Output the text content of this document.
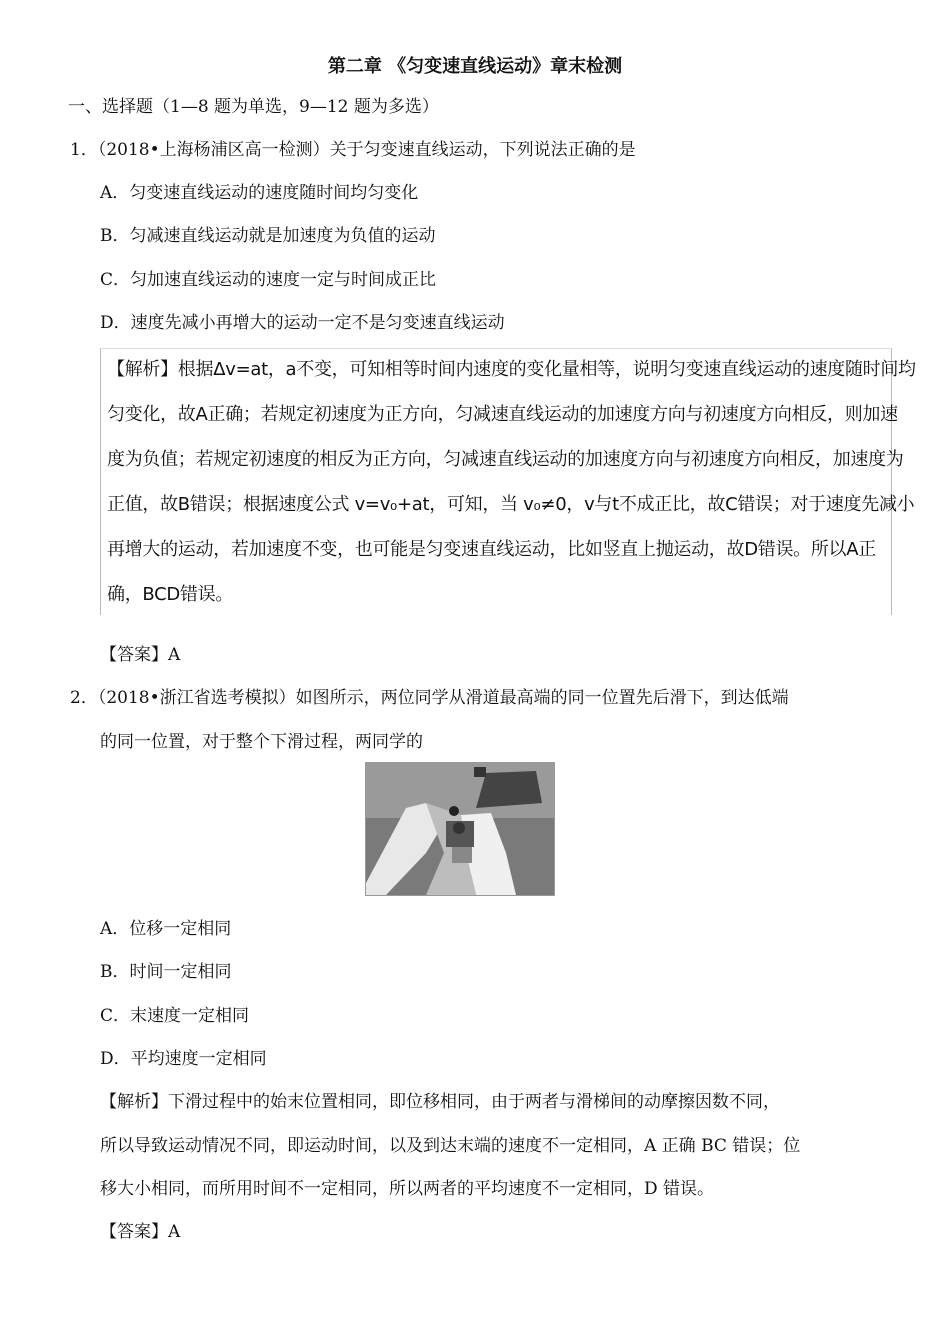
第二章 《匀变速直线运动》章末检测
一、选择题（1—8 题为单选，9—12 题为多选）
1．（2018•上海杨浦区高一检测）关于匀变速直线运动，下列说法正确的是
A．匀变速直线运动的速度随时间均匀变化
B．匀减速直线运动就是加速度为负值的运动
C．匀加速直线运动的速度一定与时间成正比
D．速度先减小再增大的运动一定不是匀变速直线运动
【解析】根据Δv=at，a不变，可知相等时间内速度的变化量相等，说明匀变速直线运动的速度随时间均
匀变化，故A正确；若规定初速度为正方向，匀减速直线运动的加速度方向与初速度方向相反，则加速
度为负值；若规定初速度的相反为正方向，匀减速直线运动的加速度方向与初速度方向相反，加速度为
正值，故B错误；根据速度公式 v=v₀+at，可知，当 v₀≠0，v与t不成正比，故C错误；对于速度先减小
再增大的运动，若加速度不变，也可能是匀变速直线运动，比如竖直上抛运动，故D错误。所以A正
确，BCD错误。
【答案】A
2．（2018•浙江省选考模拟）如图所示，两位同学从滑道最高端的同一位置先后滑下，到达低端
的同一位置，对于整个下滑过程，两同学的
A．位移一定相同
B．时间一定相同
C．末速度一定相同
D．平均速度一定相同
【解析】下滑过程中的始末位置相同，即位移相同，由于两者与滑梯间的动摩擦因数不同，
所以导致运动情况不同，即运动时间，以及到达末端的速度不一定相同，A 正确 BC 错误；位
移大小相同，而所用时间不一定相同，所以两者的平均速度不一定相同，D 错误。
【答案】A
